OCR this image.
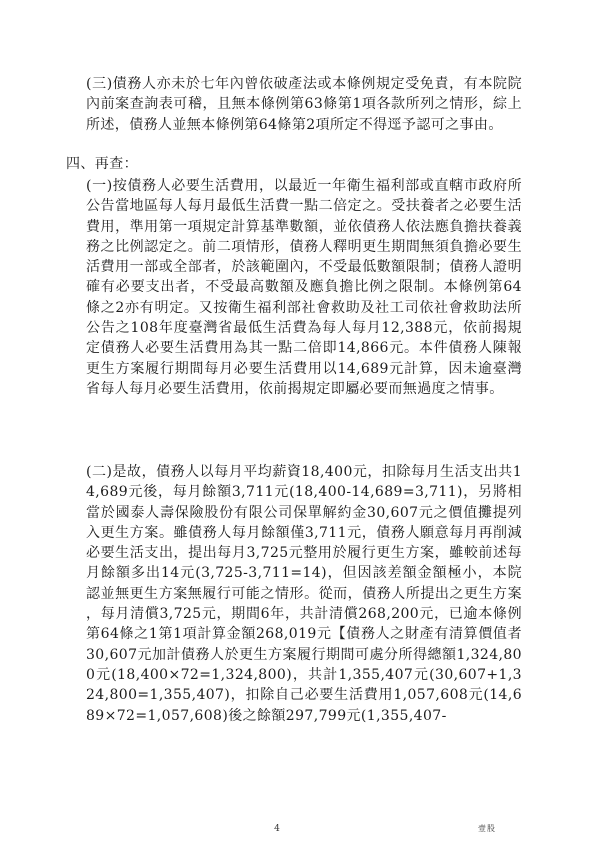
(三)債務人亦未於七年內曾依破產法或本條例規定受免責，有本院院內前案查詢表可稽，且無本條例第63條第1項各款所列之情形，綜上所述，債務人並無本條例第64條第2項所定不得逕予認可之事由。

四、再查：

(一)按債務人必要生活費用，以最近一年衛生福利部或直轄市政府所公告當地區每人每月最低生活費一點二倍定之。受扶養者之必要生活費用，準用第一項規定計算基準數額，並依債務人依法應負擔扶養義務之比例認定之。前二項情形，債務人釋明更生期間無須負擔必要生活費用一部或全部者，於該範圍內，不受最低數額限制；債務人證明確有必要支出者，不受最高數額及應負擔比例之限制。本條例第64條之2亦有明定。又按衛生福利部社會救助及社工司依社會救助法所公告之108年度臺灣省最低生活費為每人每月12,388元，依前揭規定債務人必要生活費用為其一點二倍即14,866元。本件債務人陳報更生方案履行期間每月必要生活費用以14,689元計算，因未逾臺灣省每人每月必要生活費用，依前揭規定即屬必要而無過度之情事。

(二)是故，債務人以每月平均薪資18,400元，扣除每月生活支出共14,689元後，每月餘額3,711元(18,400-14,689=3,711)，另將相當於國泰人壽保險股份有限公司保單解約金30,607元之價值攤提列入更生方案。雖債務人每月餘額僅3,711元，債務人願意每月再削減必要生活支出，提出每月3,725元整用於履行更生方案，雖較前述每月餘額多出14元(3,725-3,711=14)，但因該差額金額極小，本院認並無更生方案無履行可能之情形。從而，債務人所提出之更生方案，每月清償3,725元，期間6年，共計清償268,200元，已逾本條例第64條之1第1項計算金額268,019元【債務人之財產有清算價值者30,607元加計債務人於更生方案履行期間可處分所得總額1,324,800元(18,400×72=1,324,800)，共計1,355,407元(30,607+1,324,800=1,355,407)，扣除自己必要生活費用1,057,608元(14,689×72=1,057,608)後之餘額297,799元(1,355,407-

4	壹股
